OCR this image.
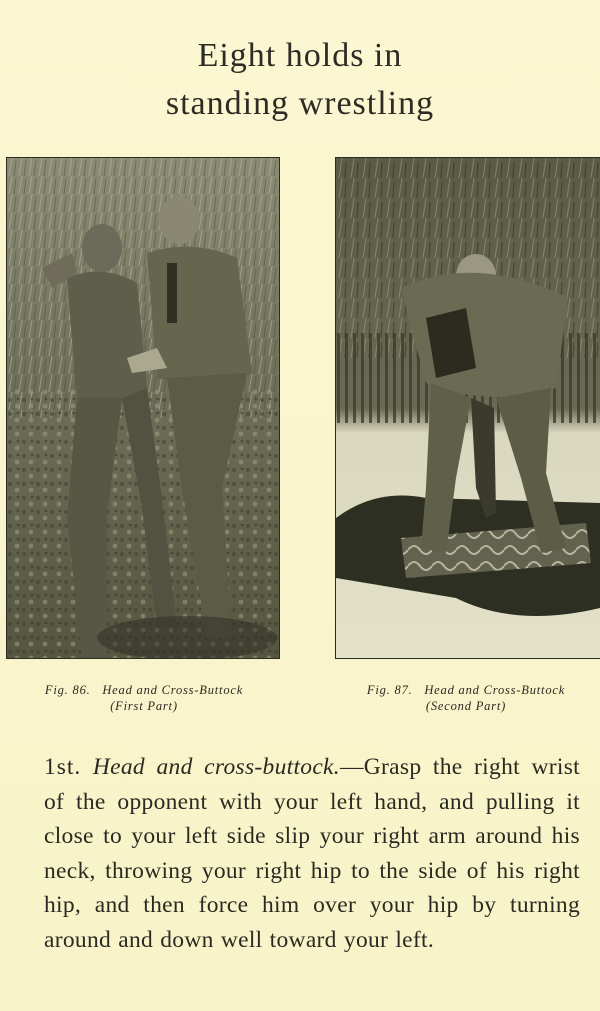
Eight holds in
standing wrestling
Fig. 86. Head and Cross-Buttock
(First Part)
Fig. 87. Head and Cross-Buttock
(Second Part)
1st. Head and cross-buttock.—Grasp the right wrist of the opponent with your left hand, and pulling it close to your left side slip your right arm around his neck, throwing your right hip to the side of his right hip, and then force him over your hip by turning around and down well toward your left.
